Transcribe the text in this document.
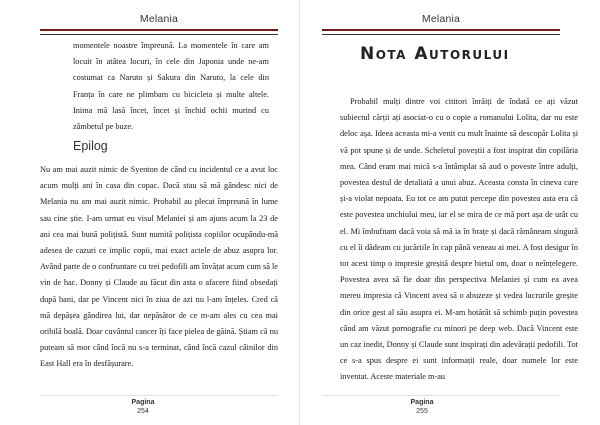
Melania

momentele noastre împreună. La momentele în care am locuit în atâtea locuri, în cele din Japonia unde ne-am costumat ca Naruto și Sakura din Naruto, la cele din Franța în care ne plimbam cu bicicleta și multe altele. Inima mă lasă încet, încet și închid ochii murind cu zâmbetul pe buze.

Epilog

Nu am mai auzit nimic de Syenton de când cu incidentul ce a avut loc acum mulți ani în casa din copac. Dacă stau să mă gândesc nici de Melania nu am mai auzit nimic. Probabil au plecat împreună în lume sau cine știe. I-am urmat eu visul Melaniei și am ajuns acum la 23 de ani cea mai bună polițistă. Sunt numită polițista copiilor ocupându-mă adesea de cazuri ce implic copii, mai exact actele de abuz asupra lor. Având parte de o confruntare cu trei pedofili am învățat acum cum să le vin de hac. Donny și Claude au făcut din asta o afacere fiind obsedați după bani, dar pe Vincent nici în ziua de azi nu l-am înțeles. Cred că mă depășea gândirea lui, dar nepăsător de ce m-am ales cu cea mai oribilă boală. Doar cuvântul cancer îți face pielea de găină. Știam că nu puteam să mor când încă nu s-a terminat, când încă cazul câinilor din East Hall era în desfășurare.

Pagina
254
Melania
Nota Autorului

Probabil mulți dintre voi cititori înrăiți de îndată ce ați văzut subiectul cărții ați asociat-o cu o copie a romanului Lolita, dar nu este deloc așa. Ideea aceasta mi-a venit cu mult înainte să descopăr Lolita și vă pot spune și de unde. Scheletul poveștii a fost inspirat din copilăria mea. Când eram mai mică s-a întâmplat să aud o poveste între adulți, povestea destul de detaliată a unui abuz. Aceasta consta în cineva care și-a violat nepoata. Eu tot ce am putut percepe din povestea asta era că este povestea unchiului meu, iar el se mira de ce mă port așa de urât cu el. Mi îmbufnam dacă voia să mă ia în brațe și dacă rămâneam singură cu el îi dădeam cu jucăriile în cap până veneau ai mei. A fost desigur în tot acest timp o impresie greșită despre bietul om, doar o neînțelegere. Povestea avea să fie doar din perspectiva Melaniei și cum ea avea mereu impresia că Vincent avea să o abuzeze și vedea lucrurile greșite din orice gest al său asupra ei. M-am hotărât să schimb puțin povestea când am văzut pornografie cu minori pe deep web. Dacă Vincent este un caz inedit, Donny și Claude sunt inspirați din adevărații pedofili. Tot ce s-a spus despre ei sunt informații reale, doar numele lor este inventat. Aceste materiale m-au

Pagina
255
